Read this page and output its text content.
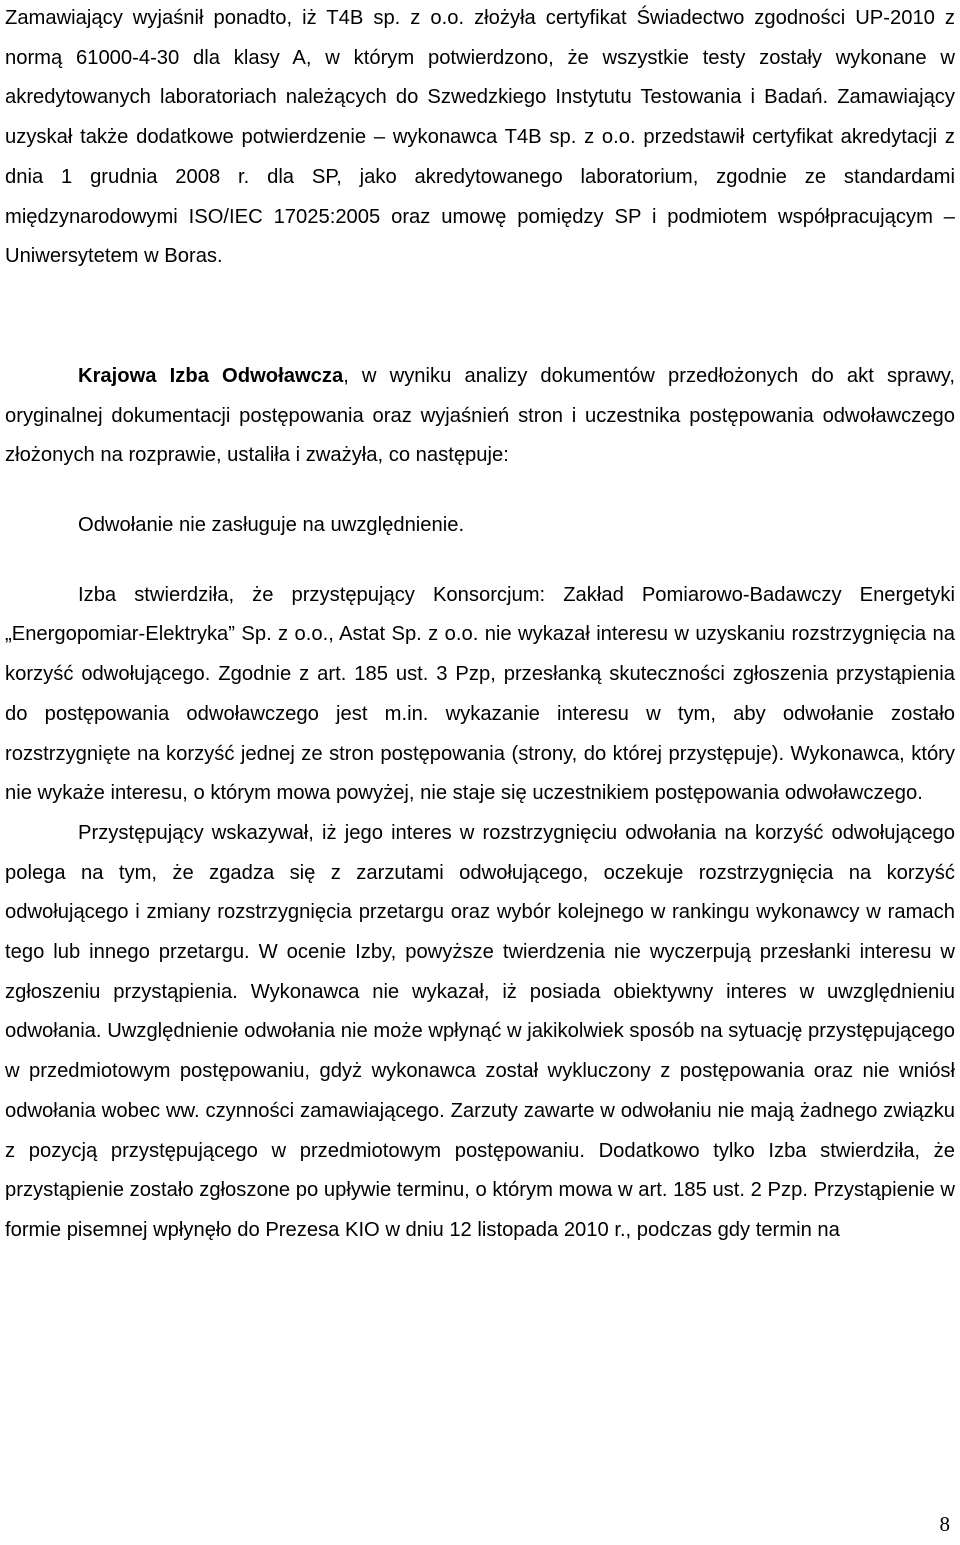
Zamawiający wyjaśnił ponadto, iż T4B sp. z o.o. złożyła certyfikat Świadectwo zgodności UP-2010 z normą 61000-4-30 dla klasy A, w którym potwierdzono, że wszystkie testy zostały wykonane w akredytowanych laboratoriach należących do Szwedzkiego Instytutu Testowania i Badań. Zamawiający uzyskał także dodatkowe potwierdzenie – wykonawca T4B sp. z o.o. przedstawił certyfikat akredytacji z dnia 1 grudnia 2008 r. dla SP, jako akredytowanego laboratorium, zgodnie ze standardami międzynarodowymi ISO/IEC 17025:2005 oraz umowę pomiędzy SP i podmiotem współpracującym – Uniwersytetem w Boras.

Krajowa Izba Odwoławcza, w wyniku analizy dokumentów przedłożonych do akt sprawy, oryginalnej dokumentacji postępowania oraz wyjaśnień stron i uczestnika postępowania odwoławczego złożonych na rozprawie, ustaliła i zważyła, co następuje:

Odwołanie nie zasługuje na uwzględnienie.

Izba stwierdziła, że przystępujący Konsorcjum: Zakład Pomiarowo-Badawczy Energetyki „Energopomiar-Elektryka” Sp. z o.o., Astat Sp. z o.o. nie wykazał interesu w uzyskaniu rozstrzygnięcia na korzyść odwołującego. Zgodnie z art. 185 ust. 3 Pzp, przesłanką skuteczności zgłoszenia przystąpienia do postępowania odwoławczego jest m.in. wykazanie interesu w tym, aby odwołanie zostało rozstrzygnięte na korzyść jednej ze stron postępowania (strony, do której przystępuje). Wykonawca, który nie wykaże interesu, o którym mowa powyżej, nie staje się uczestnikiem postępowania odwoławczego.

Przystępujący wskazywał, iż jego interes w rozstrzygnięciu odwołania na korzyść odwołującego polega na tym, że zgadza się z zarzutami odwołującego, oczekuje rozstrzygnięcia na korzyść odwołującego i zmiany rozstrzygnięcia przetargu oraz wybór kolejnego w rankingu wykonawcy w ramach tego lub innego przetargu. W ocenie Izby, powyższe twierdzenia nie wyczerpują przesłanki interesu w zgłoszeniu przystąpienia. Wykonawca nie wykazał, iż posiada obiektywny interes w uwzględnieniu odwołania. Uwzględnienie odwołania nie może wpłynąć w jakikolwiek sposób na sytuację przystępującego w przedmiotowym postępowaniu, gdyż wykonawca został wykluczony z postępowania oraz nie wniósł odwołania wobec ww. czynności zamawiającego. Zarzuty zawarte w odwołaniu nie mają żadnego związku z pozycją przystępującego w przedmiotowym postępowaniu. Dodatkowo tylko Izba stwierdziła, że przystąpienie zostało zgłoszone po upływie terminu, o którym mowa w art. 185 ust. 2 Pzp. Przystąpienie w formie pisemnej wpłynęło do Prezesa KIO w dniu 12 listopada 2010 r., podczas gdy termin na

8
